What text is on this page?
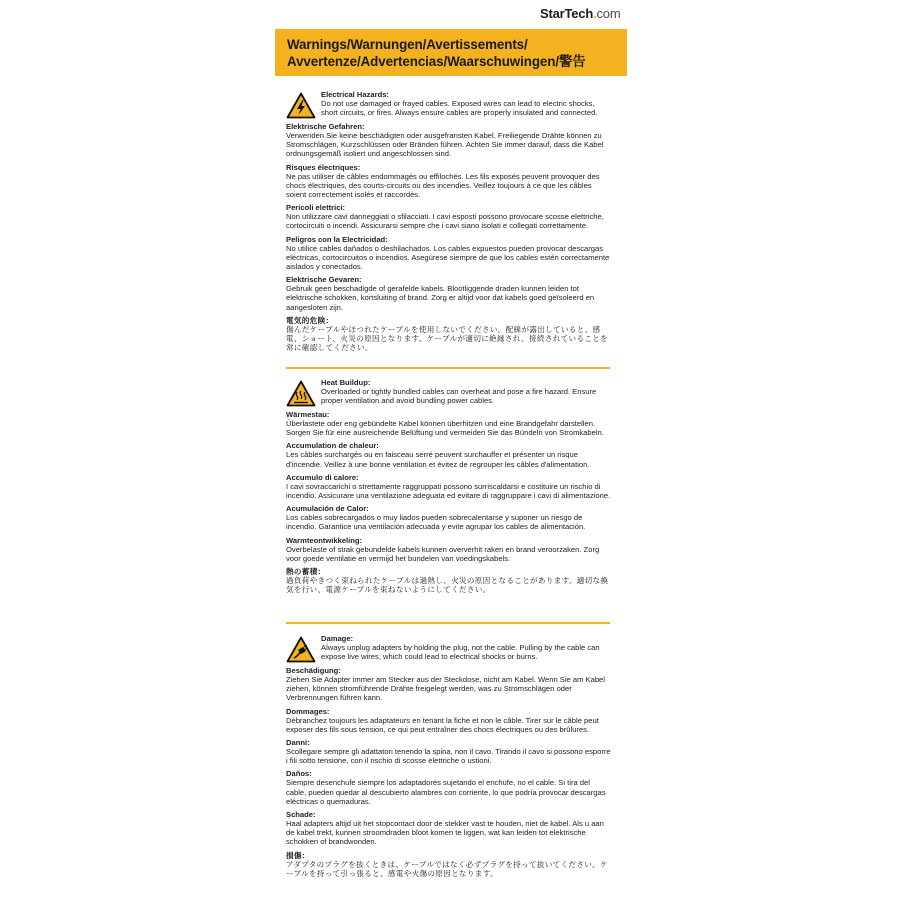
StarTech.com
Warnings/Warnungen/Avertissements/
Avvertenze/Advertencias/Waarschuwingen/警告
Electrical Hazards:
Do not use damaged or frayed cables. Exposed wires can lead to electric shocks, short circuits, or fires. Always ensure cables are properly insulated and connected.
Elektrische Gefahren:
Verwenden Sie keine beschädigten oder ausgefransten Kabel. Freiliegende Drähte können zu Stromschlägen, Kurzschlüssen oder Bränden führen. Achten Sie immer darauf, dass die Kabel ordnungsgemäß isoliert und angeschlossen sind.
Risques électriques:
Ne pas utiliser de câbles endommagés ou effilochés. Les fils exposés peuvent provoquer des chocs électriques, des courts-circuits ou des incendies. Veillez toujours à ce que les câbles soient correctement isolés et raccordés.
Pericoli elettrici:
Non utilizzare cavi danneggiati o sfilacciati. I cavi esposti possono provocare scosse elettriche, cortocircuiti o incendi. Assicurarsi sempre che i cavi siano isolati e collegati correttamente.
Peligros con la Electricidad:
No utilice cables dañados o deshilachados. Los cables expuestos pueden provocar descargas eléctricas, cortocircuitos o incendios. Asegúrese siempre de que los cables estén correctamente aislados y conectados.
Elektrische Gevaren:
Gebruik geen beschadigde of gerafelde kabels. Blootliggende draden kunnen leiden tot elektrische schokken, kortsluiting of brand. Zorg er altijd voor dat kabels goed geïsoleerd en aangesloten zijn.
電気的危険：
傷んだケーブルやほつれたケーブルを使用しないでください。配線が露出していると、感電、ショート、火災の原因となります。ケーブルが適切に絶縁され、接続されていることを常に確認してください。
Heat Buildup:
Overloaded or tightly bundled cables can overheat and pose a fire hazard. Ensure proper ventilation and avoid bundling power cables.
Wärmestau:
Überlastete oder eng gebündelte Kabel können überhitzen und eine Brandgefahr darstellen. Sorgen Sie für eine ausreichende Belüftung und vermeiden Sie das Bündeln von Stromkabeln.
Accumulation de chaleur:
Les câbles surchargés ou en faisceau serré peuvent surchauffer et présenter un risque d'incendie. Veillez à une bonne ventilation et évitez de regrouper les câbles d'alimentation.
Accumulo di calore:
I cavi sovraccarichi o strettamente raggruppati possono surriscaldarsi e costituire un rischio di incendio. Assicurare una ventilazione adeguata ed evitare di raggruppare i cavi di alimentazione.
Acumulación de Calor:
Los cables sobrecargados o muy liados pueden sobrecalentarse y suponer un riesgo de incendio. Garantice una ventilación adecuada y evite agrupar los cables de alimentación.
Warmteontwikkeling:
Overbelaste of strak gebundelde kabels kunnen oververhit raken en brand veroorzaken. Zorg voor goede ventilatie en vermijd het bundelen van voedingskabels.
熱の蓄積：
過負荷やきつく束ねられたケーブルは過熱し、火災の原因となることがあります。適切な換気を行い、電源ケーブルを束ねないようにしてください。
Damage:
Always unplug adapters by holding the plug, not the cable. Pulling by the cable can expose live wires, which could lead to electrical shocks or burns.
Beschädigung:
Ziehen Sie Adapter immer am Stecker aus der Steckdose, nicht am Kabel. Wenn Sie am Kabel ziehen, können stromführende Drähte freigelegt werden, was zu Stromschlägen oder Verbrennungen führen kann.
Dommages:
Débranchez toujours les adaptateurs en tenant la fiche et non le câble. Tirer sur le câble peut exposer des fils sous tension, ce qui peut entraîner des chocs électriques ou des brûlures.
Danni:
Scollegare sempre gli adattatori tenendo la spina, non il cavo. Tirando il cavo si possono esporre i fili sotto tensione, con il rischio di scosse elettriche o ustioni.
Daños:
Siempre desenchufe siempre los adaptadores sujetando el enchufe, no el cable. Si tira del cable, pueden quedar al descubierto alambres con corriente, lo que podría provocar descargas eléctricas o quemaduras.
Schade:
Haal adapters altijd uit het stopcontact door de stekker vast te houden, niet de kabel. Als u aan de kabel trekt, kunnen stroomdraden bloot komen te liggen, wat kan leiden tot elektrische schokken of brandwonden.
損傷：
アダプタのプラグを抜くときは、ケーブルではなく必ずプラグを持って抜いてください。ケーブルを持って引っ張ると、感電や火傷の原因となります。
